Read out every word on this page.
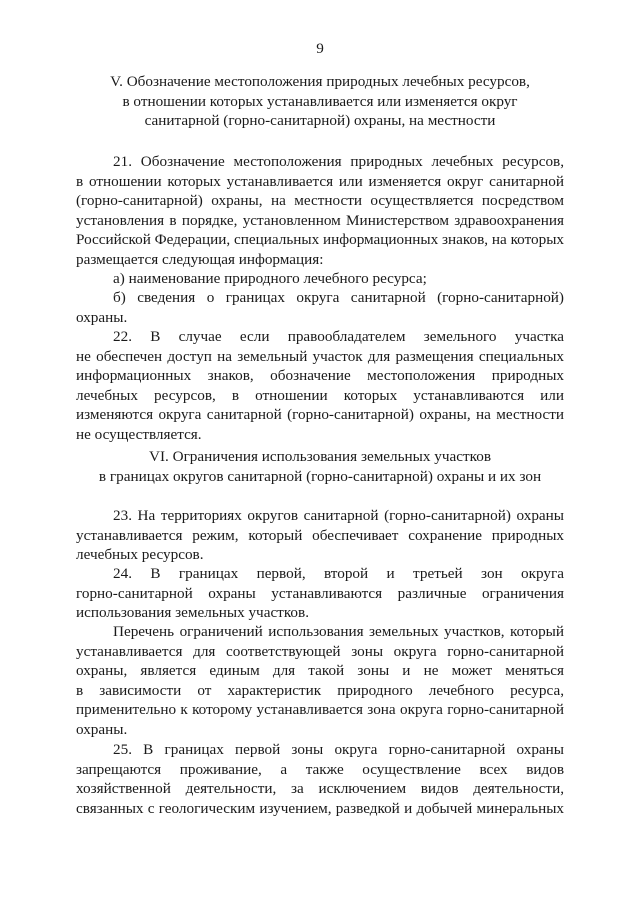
9
V. Обозначение местоположения природных лечебных ресурсов,
в отношении которых устанавливается или изменяется округ
санитарной (горно-санитарной) охраны, на местности
21. Обозначение местоположения природных лечебных ресурсов,
в отношении которых устанавливается или изменяется округ санитарной
(горно-санитарной) охраны, на местности осуществляется посредством
установления в порядке, установленном Министерством здравоохранения
Российской Федерации, специальных информационных знаков, на которых
размещается следующая информация:
а) наименование природного лечебного ресурса;
б) сведения о границах округа санитарной (горно-санитарной)
охраны.
22. В случае если правообладателем земельного участка
не обеспечен доступ на земельный участок для размещения специальных
информационных знаков, обозначение местоположения природных
лечебных ресурсов, в отношении которых устанавливаются или
изменяются округа санитарной (горно-санитарной) охраны, на местности
не осуществляется.
VI. Ограничения использования земельных участков
в границах округов санитарной (горно-санитарной) охраны и их зон
23. На территориях округов санитарной (горно-санитарной) охраны
устанавливается режим, который обеспечивает сохранение природных
лечебных ресурсов.
24. В границах первой, второй и третьей зон округа
горно-санитарной охраны устанавливаются различные ограничения
использования земельных участков.
Перечень ограничений использования земельных участков, который
устанавливается для соответствующей зоны округа горно-санитарной
охраны, является единым для такой зоны и не может меняться
в зависимости от характеристик природного лечебного ресурса,
применительно к которому устанавливается зона округа горно-санитарной
охраны.
25. В границах первой зоны округа горно-санитарной охраны
запрещаются проживание, а также осуществление всех видов
хозяйственной деятельности, за исключением видов деятельности,
связанных с геологическим изучением, разведкой и добычей минеральных
